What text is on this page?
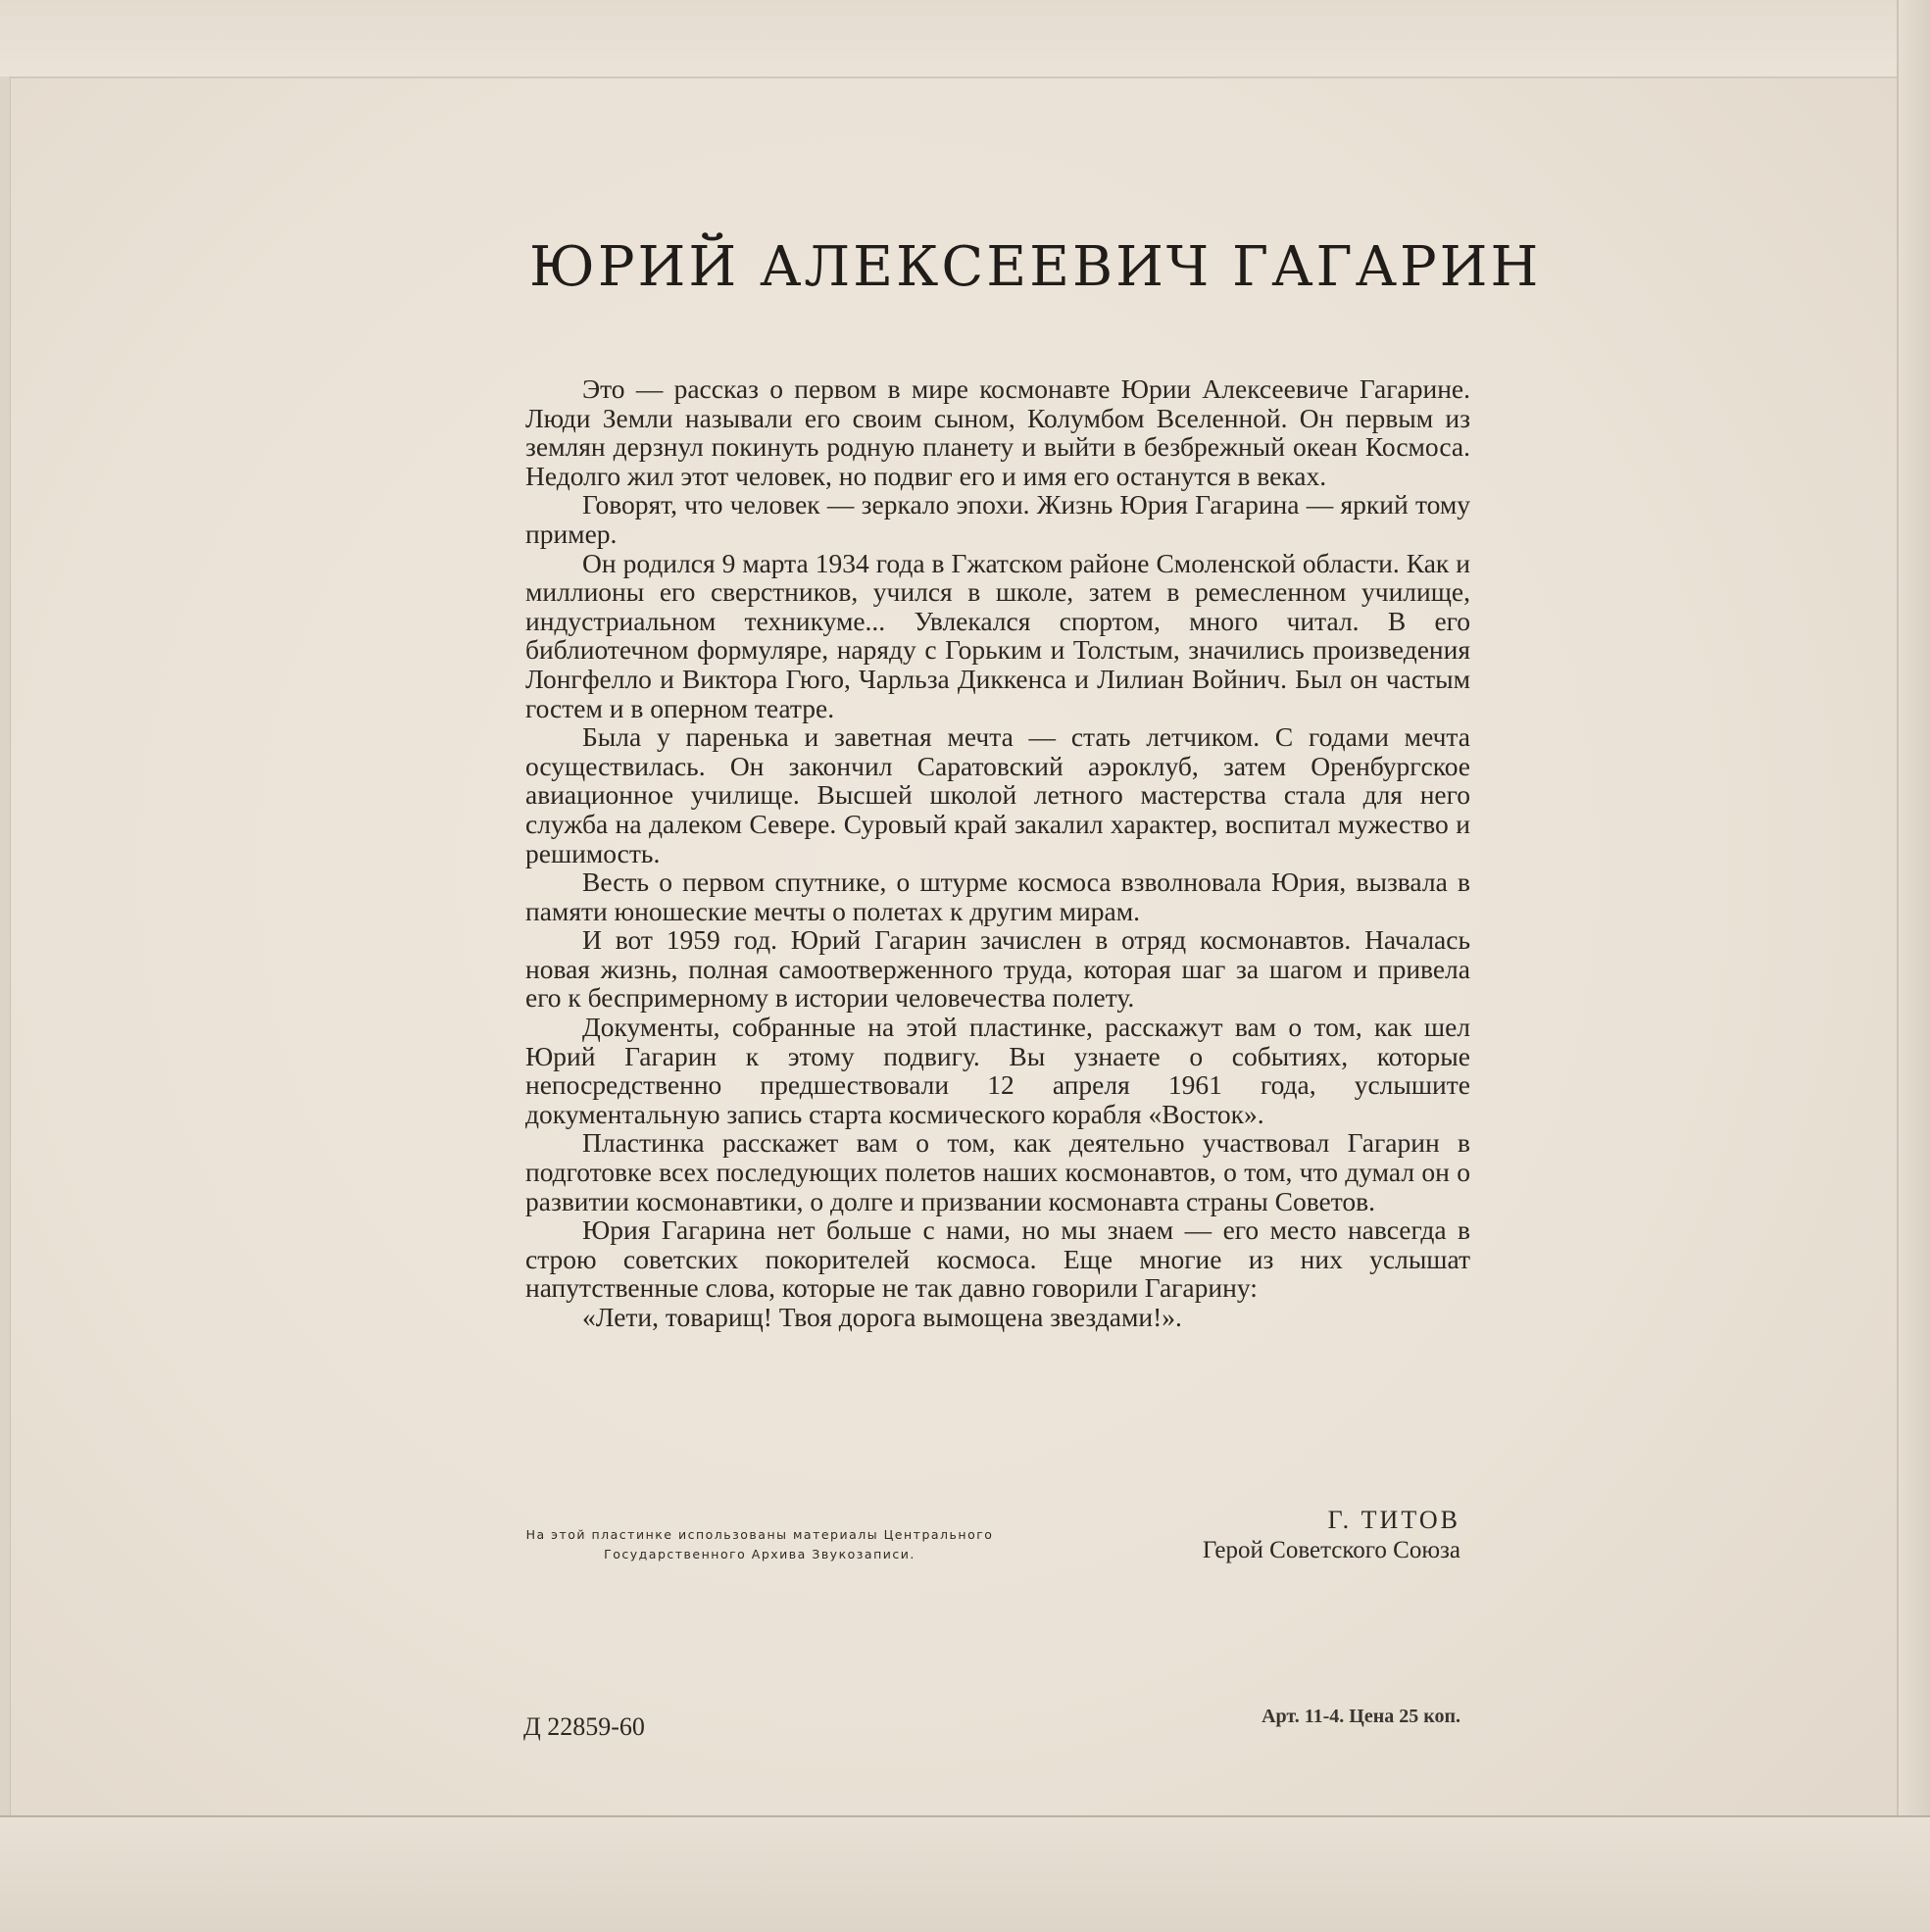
ЮРИЙ АЛЕКСЕЕВИЧ ГАГАРИН

Это — рассказ о первом в мире космонавте Юрии Алексеевиче Гагарине. Люди Земли называли его своим сыном, Колумбом Вселенной. Он первым из землян дерзнул покинуть родную планету и выйти в безбрежный океан Космоса. Недолго жил этот человек, но подвиг его и имя его останутся в веках.

Говорят, что человек — зеркало эпохи. Жизнь Юрия Гагарина — яркий тому пример.

Он родился 9 марта 1934 года в Гжатском районе Смоленской области. Как и миллионы его сверстников, учился в школе, затем в ремесленном училище, индустриальном техникуме... Увлекался спортом, много читал. В его библиотечном формуляре, наряду с Горьким и Толстым, значились произведения Лонгфелло и Виктора Гюго, Чарльза Диккенса и Лилиан Войнич. Был он частым гостем и в оперном театре.

Была у паренька и заветная мечта — стать летчиком. С годами мечта осуществилась. Он закончил Саратовский аэроклуб, затем Оренбургское авиационное училище. Высшей школой летного мастерства стала для него служба на далеком Севере. Суровый край закалил характер, воспитал мужество и решимость.

Весть о первом спутнике, о штурме космоса взволновала Юрия, вызвала в памяти юношеские мечты о полетах к другим мирам.

И вот 1959 год. Юрий Гагарин зачислен в отряд космонавтов. Началась новая жизнь, полная самоотверженного труда, которая шаг за шагом и привела его к беспримерному в истории человечества полету.

Документы, собранные на этой пластинке, расскажут вам о том, как шел Юрий Гагарин к этому подвигу. Вы узнаете о событиях, которые непосредственно предшествовали 12 апреля 1961 года, услышите документальную запись старта космического корабля «Восток».

Пластинка расскажет вам о том, как деятельно участвовал Гагарин в подготовке всех последующих полетов наших космонавтов, о том, что думал он о развитии космонавтики, о долге и призвании космонавта страны Советов.

Юрия Гагарина нет больше с нами, но мы знаем — его место навсегда в строю советских покорителей космоса. Еще многие из них услышат напутственные слова, которые не так давно говорили Гагарину:

«Лети, товарищ! Твоя дорога вымощена звездами!».

На этой пластинке использованы материалы Центрального Государственного Архива Звукозаписи.
Г. ТИТОВ
Герой Советского Союза
Д 22859-60	Арт. 11-4. Цена 25 коп.
